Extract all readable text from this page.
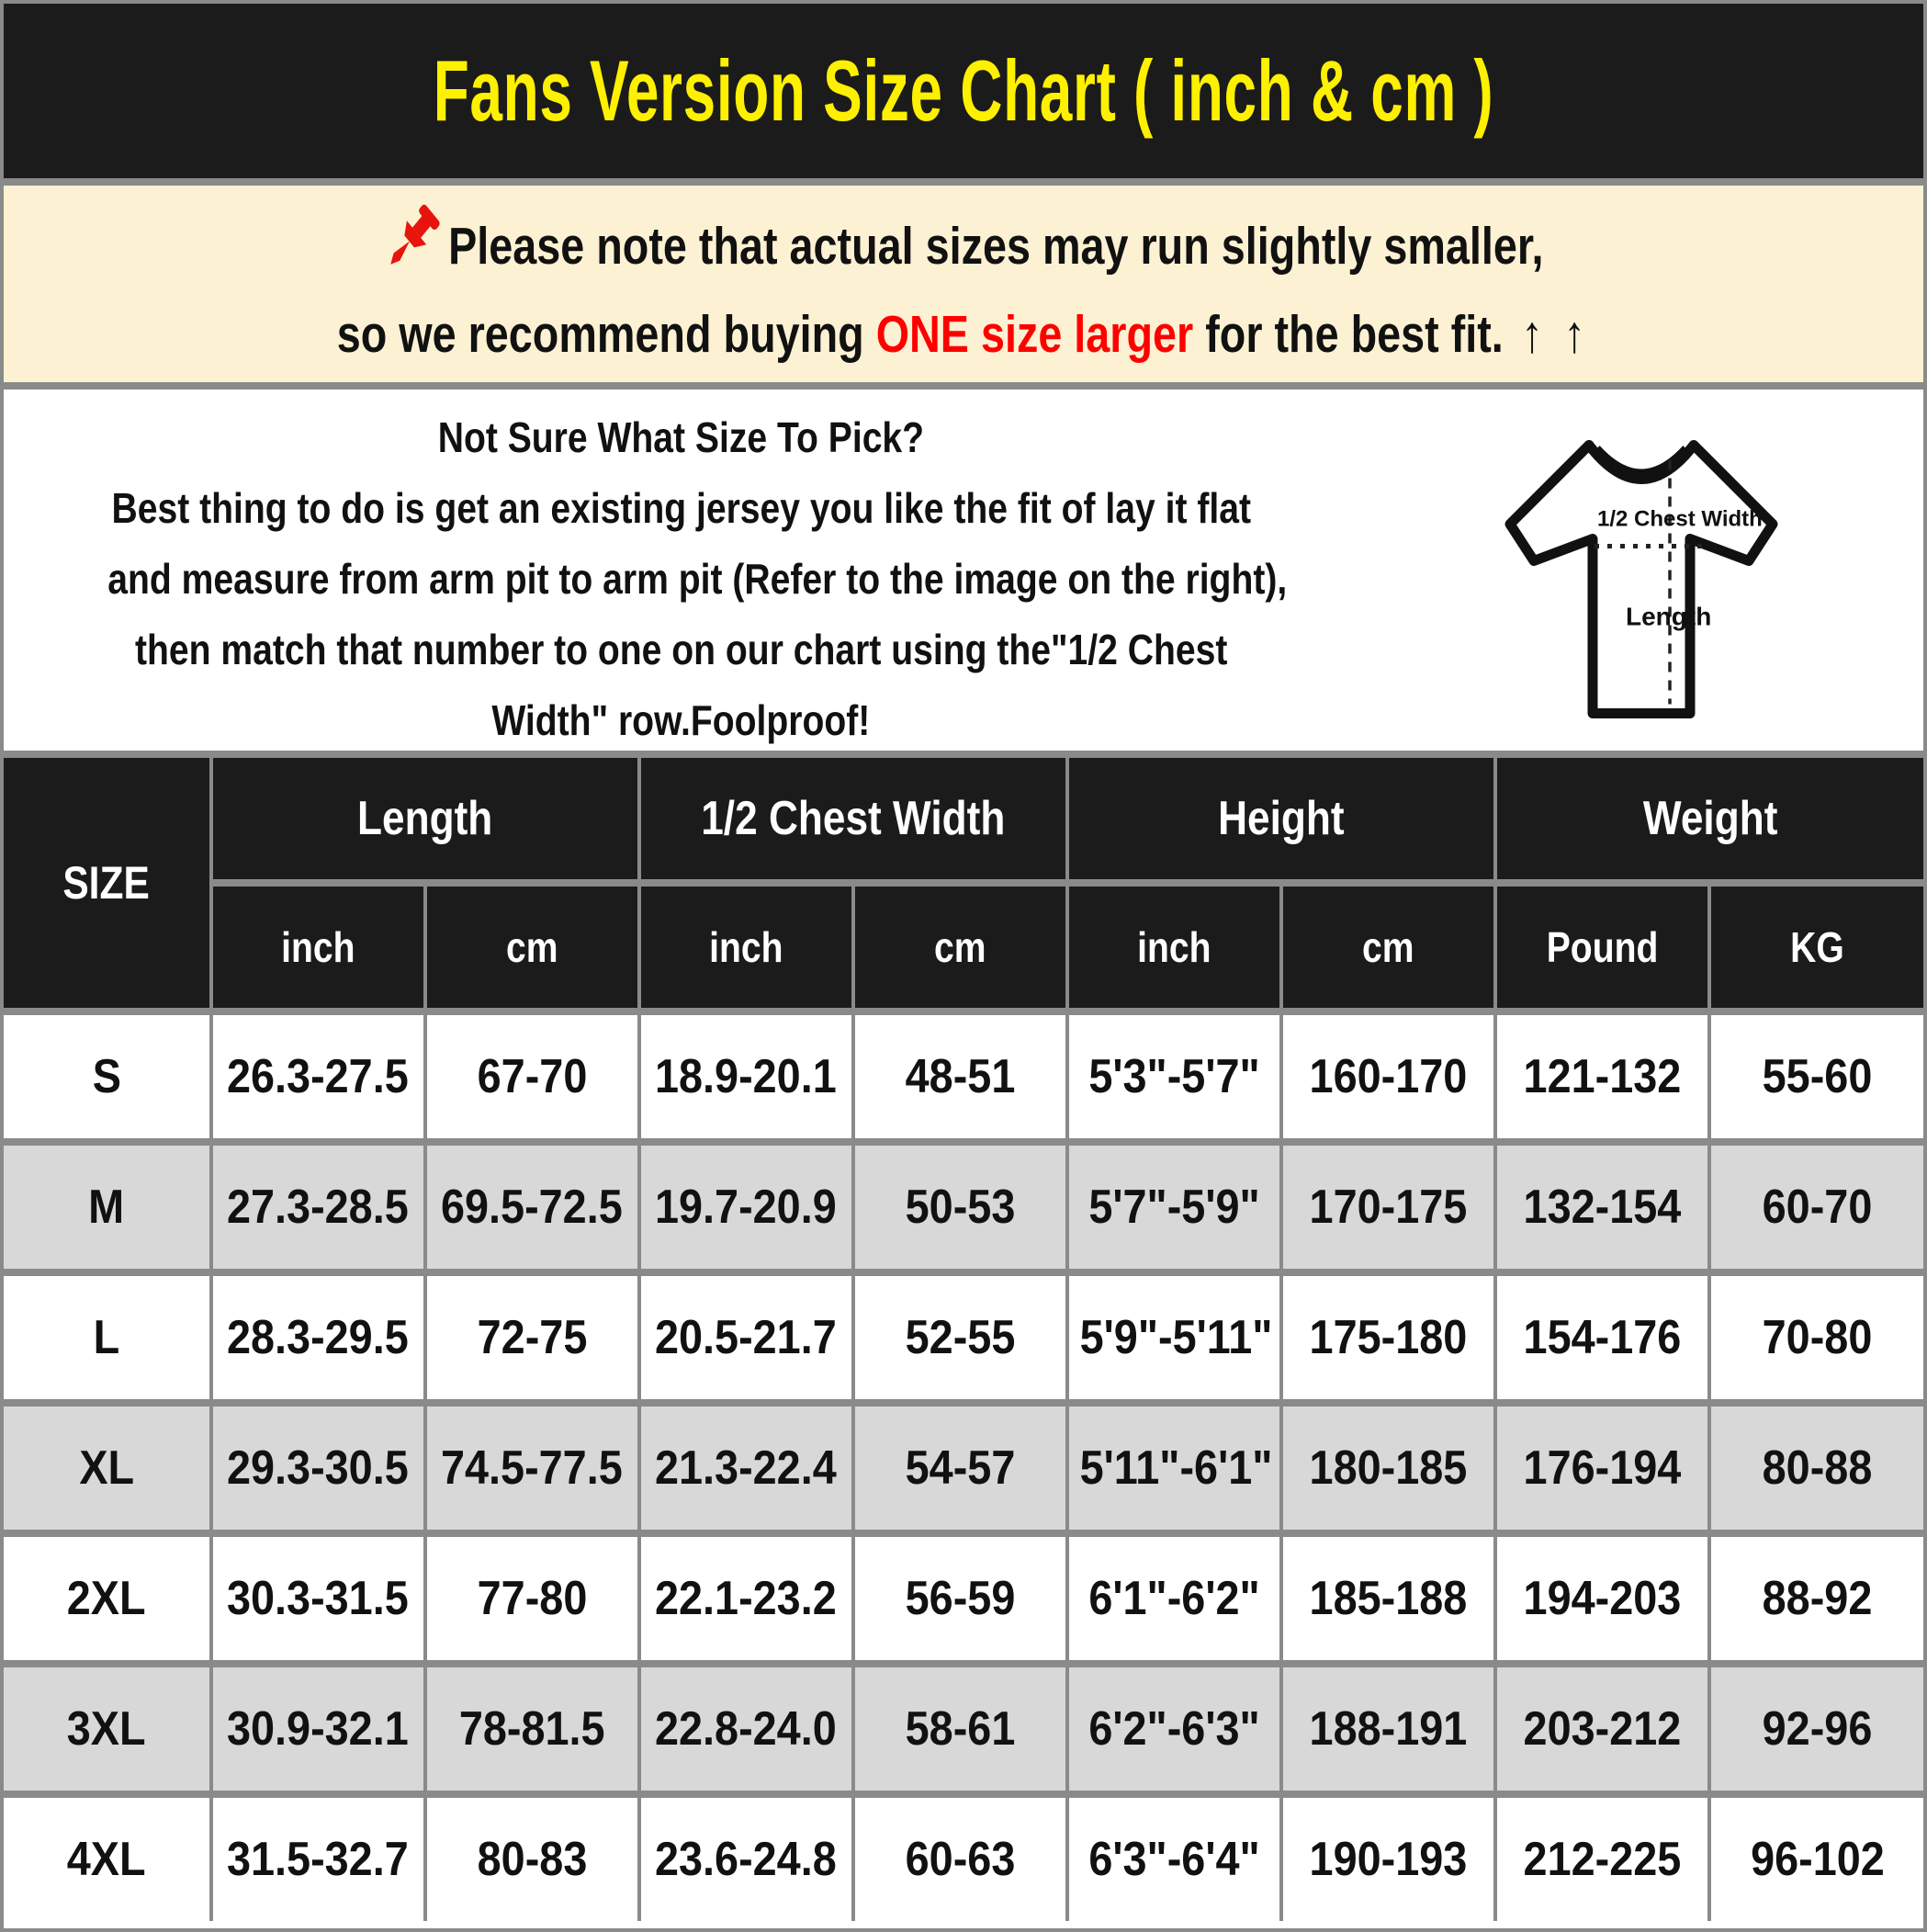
Fans Version Size Chart ( inch & cm )
Please note that actual sizes may run slightly smaller,
so we recommend buying ONE size larger for the best fit. ↑ ↑
Not Sure What Size To Pick?
Best thing to do is get an existing jersey you like the fit of lay it flat
and measure from arm pit to arm pit (Refer to the image on the right),
then match that number to one on our chart using the"1/2 Chest
Width" row.Foolproof!
1/2 Chest Width
Length
SIZE	Length		1/2 Chest Width		Height		Weight	
	inch	cm	inch	cm	inch	cm	Pound	KG
S	26.3-27.5	67-70	18.9-20.1	48-51	5'3"-5'7"	160-170	121-132	55-60
M	27.3-28.5	69.5-72.5	19.7-20.9	50-53	5'7"-5'9"	170-175	132-154	60-70
L	28.3-29.5	72-75	20.5-21.7	52-55	5'9"-5'11"	175-180	154-176	70-80
XL	29.3-30.5	74.5-77.5	21.3-22.4	54-57	5'11"-6'1"	180-185	176-194	80-88
2XL	30.3-31.5	77-80	22.1-23.2	56-59	6'1"-6'2"	185-188	194-203	88-92
3XL	30.9-32.1	78-81.5	22.8-24.0	58-61	6'2"-6'3"	188-191	203-212	92-96
4XL	31.5-32.7	80-83	23.6-24.8	60-63	6'3"-6'4"	190-193	212-225	96-102
